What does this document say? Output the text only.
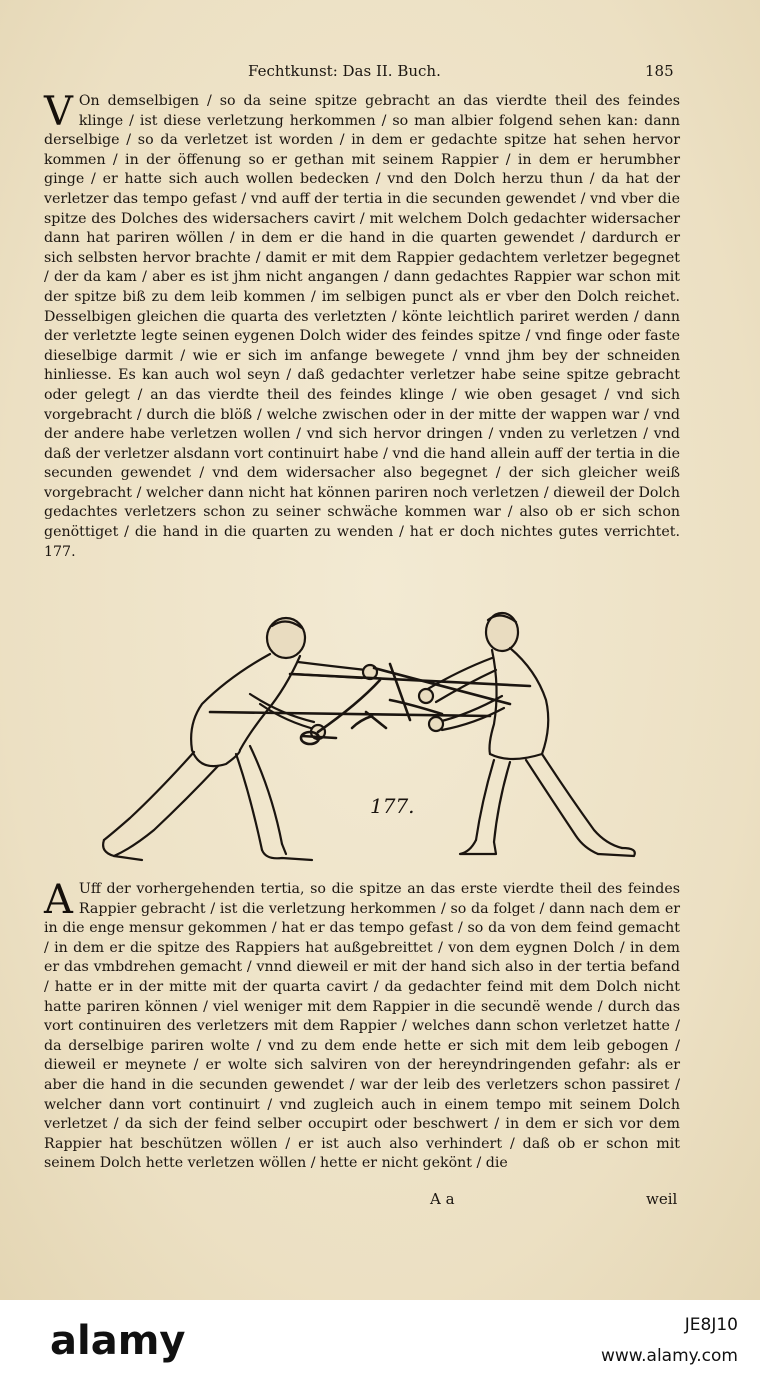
Fechtkunst: Das II. Buch.	185

V On demselbigen / so da seine spitze gebracht an das vierdte theil des feindes klinge / ist diese verletzung herkommen / so man albier folgend sehen kan: dann derselbige / so da verletzet ist worden / in dem er gedachte spitze hat sehen hervor kommen / in der öffenung so er gethan mit seinem Rappier / in dem er herumbher ginge / er hatte sich auch wollen bedecken / vnd den Dolch herzu thun / da hat der verletzer das tempo gefast / vnd auff der tertia in die secunden gewendet / vnd vber die spitze des Dolches des widersachers cavirt / mit welchem Dolch gedachter widersacher dann hat pariren wöllen / in dem er die hand in die quarten gewendet / dardurch er sich selbsten hervor brachte / damit er mit dem Rappier gedachtem verletzer begegnet / der da kam / aber es ist jhm nicht angangen / dann gedachtes Rappier war schon mit der spitze biß zu dem leib kommen / im selbigen punct als er vber den Dolch reichet. Desselbigen gleichen die quarta des verletzten / könte leichtlich pariret werden / dann der verletzte legte seinen eygenen Dolch wider des feindes spitze / vnd finge oder faste dieselbige darmit / wie er sich im anfange bewegete / vnnd jhm bey der schneiden hinliesse. Es kan auch wol seyn / daß gedachter verletzer habe seine spitze gebracht oder gelegt / an das vierdte theil des feindes klinge / wie oben gesaget / vnd sich vorgebracht / durch die blöß / welche zwischen oder in der mitte der wappen war / vnd der andere habe verletzen wollen / vnd sich hervor dringen / vnden zu verletzen / vnd daß der verletzer alsdann vort continuirt habe / vnd die hand allein auff der tertia in die secunden gewendet / vnd dem widersacher also begegnet / der sich gleicher weiß vorgebracht / welcher dann nicht hat können pariren noch verletzen / dieweil der Dolch gedachtes verletzers schon zu seiner schwäche kommen war / also ob er sich schon genöttiget / die hand in die quarten zu wenden / hat er doch nichtes gutes verrichtet. 177.

177.

A Uff der vorhergehenden tertia, so die spitze an das erste vierdte theil des feindes Rappier gebracht / ist die verletzung herkommen / so da folget / dann nach dem er in die enge mensur gekommen / hat er das tempo gefast / so da von dem feind gemacht / in dem er die spitze des Rappiers hat außgebreittet / von dem eygnen Dolch / in dem er das vmbdrehen gemacht / vnnd dieweil er mit der hand sich also in der tertia befand / hatte er in der mitte mit der quarta cavirt / da gedachter feind mit dem Dolch nicht hatte pariren können / viel weniger mit dem Rappier in die secundë wende / durch das vort continuiren des verletzers mit dem Rappier / welches dann schon verletzet hatte / da derselbige pariren wolte / vnd zu dem ende hette er sich mit dem leib gebogen / dieweil er meynete / er wolte sich salviren von der hereyndringenden gefahr: als er aber die hand in die secunden gewendet / war der leib des verletzers schon passiret / welcher dann vort continuirt / vnd zugleich auch in einem tempo mit seinem Dolch verletzet / da sich der feind selber occupirt oder beschwert / in dem er sich vor dem Rappier hat beschützen wöllen / er ist auch also verhindert / daß ob er schon mit seinem Dolch hette verletzen wöllen / hette er nicht gekönt / die

A a	weil
alamy	JE8J10
www.alamy.com
